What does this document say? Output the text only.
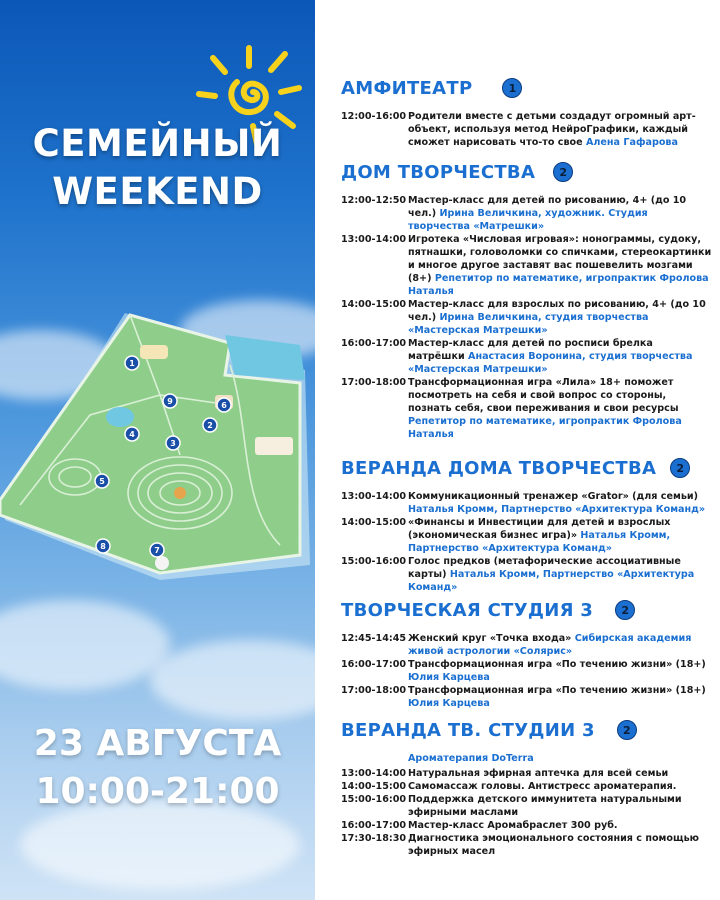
СЕМЕЙНЫЙ
WEEKEND
1
2
3
4
5
6
7
8
9
23 АВГУСТА
10:00-21:00
АМФИТЕАТР	1
12:00-16:00 Родители вместе с детьми создадут огромный арт-объект, используя метод НейроГрафики, каждый сможет нарисовать что-то свое Алена Гафарова
ДОМ ТВОРЧЕСТВА	2
12:00-12:50 Мастер-класс для детей по рисованию, 4+ (до 10 чел.) Ирина Величкина, художник. Студия творчества «Матрешки»
13:00-14:00 Игротека «Числовая игровая»: нонограммы, судоку, пятнашки, головоломки со спичками, стереокартинки и многое другое заставят вас пошевелить мозгами (8+) Репетитор по математике, игропрактик Фролова Наталья
14:00-15:00 Мастер-класс для взрослых по рисованию, 4+ (до 10 чел.) Ирина Величкина, студия творчества «Мастерская Матрешки»
16:00-17:00 Мастер-класс для детей по росписи брелка матрёшки Анастасия Воронина, студия творчества «Мастерская Матрешки»
17:00-18:00 Трансформационная игра «Лила» 18+ поможет посмотреть на себя и свой вопрос со стороны, познать себя, свои переживания и свои ресурсы Репетитор по математике, игропрактик Фролова Наталья
ВЕРАНДА ДОМА ТВОРЧЕСТВА	2
13:00-14:00 Коммуникационный тренажер «Grator» (для семьи) Наталья Кромм, Партнерство «Архитектура Команд»
14:00-15:00 «Финансы и Инвестиции для детей и взрослых (экономическая бизнес игра)» Наталья Кромм, Партнерство «Архитектура Команд»
15:00-16:00 Голос предков (метафорические ассоциативные карты) Наталья Кромм, Партнерство «Архитектура Команд»
ТВОРЧЕСКАЯ СТУДИЯ 3	2
12:45-14:45 Женский круг «Точка входа» Сибирская академия живой астрологии «Солярис»
16:00-17:00 Трансформационная игра «По течению жизни» (18+) Юлия Карцева
17:00-18:00 Трансформационная игра «По течению жизни» (18+) Юлия Карцева
ВЕРАНДА ТВ. СТУДИИ 3	2
Ароматерапия DoTerra
13:00-14:00 Натуральная эфирная аптечка для всей семьи
14:00-15:00 Самомассаж головы. Антистресс ароматерапия.
15:00-16:00 Поддержка детского иммунитета натуральными эфирными маслами
16:00-17:00 Мастер-класс Аромабраслет 300 руб.
17:30-18:30 Диагностика эмоционального состояния с помощью эфирных масел
